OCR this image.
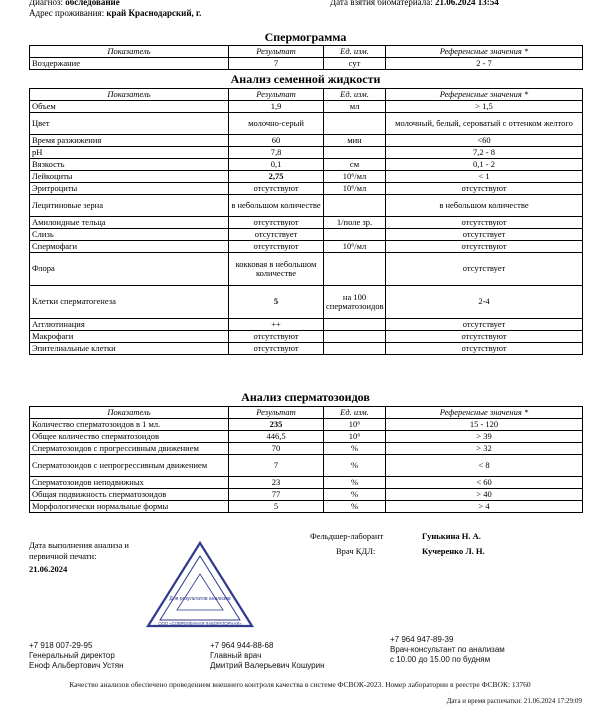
Диагноз: обследование
Адрес проживания: край Краснодарский, г.
Дата взятия биоматериала: 21.06.2024 13:54
Спермограмма
Показатель	Результат	Ед. изм.	Референсные значения *
Воздержание	7	сут	2 - 7
Анализ семенной жидкости
Показатель	Результат	Ед. изм.	Референсные значения *
Объем	1,9	мл	> 1,5
Цвет	молочно-серый		молочный, белый, сероватый с оттенком желтого
Время разжижения	60	мин	<60
pH	7,8		7,2 - 8
Вязкость	0,1	см	0,1 - 2
Лейкоциты	2,75	10⁶/мл	< 1
Эритроциты	отсутствуют	10⁶/мл	отсутствуют
Лецитиновые зерна	в небольшом количестве		в небольшом количестве
Амилоидные тельца	отсутствуют	1/поле зр.	отсутствуют
Слизь	отсутствует		отсутствует
Спермофаги	отсутствуют	10⁶/мл	отсутствуют
Флора	кокковая в небольшом количестве		отсутствует
Клетки сперматогенеза	5	на 100 сперматозоидов	2-4
Агглютинация	++		отсутствует
Макрофаги	отсутствуют		отсутствуют
Эпителиальные клетки	отсутствуют		отсутствуют
Анализ сперматозоидов
Показатель	Результат	Ед. изм.	Референсные значения *
Количество сперматозоидов в 1 мл.	235	10⁶	15 - 120
Общее количество сперматозоидов	446,5	10⁶	> 39
Сперматозоидов с прогрессивным движением	70	%	> 32
Сперматозоидов с непрогрессивным движением	7	%	< 8
Сперматозоидов неподвижных	23	%	< 60
Общая подвижность сперматозоидов	77	%	> 40
Морфологически нормальные формы	5	%	> 4
Дата выполнения анализа и первичной печати:
21.06.2024
Фельдшер-лаборант	Гунькина Н. А.
Врач КДЛ:	Кучеренко Л. Н.
Для результатов анализов
ООО «СОВРЕМЕННАЯ ЛАБОРАТОРНАЯ»
+7 918 007-29-95
Генеральный директор
Еноф Альбертович Устян
+7 964 944-88-68
Главный врач
Дмитрий Валерьевич Кошурин
+7 964 947-89-39
Врач-консультант по анализам
с 10.00 до 15.00 по будням
Качество анализов обеспечено проведением внешнего контроля качества в системе ФСВОК-2023. Номер лаборатории в реестре ФСВОК: 13760
Дата и время распечатки: 21.06.2024 17:29:09
